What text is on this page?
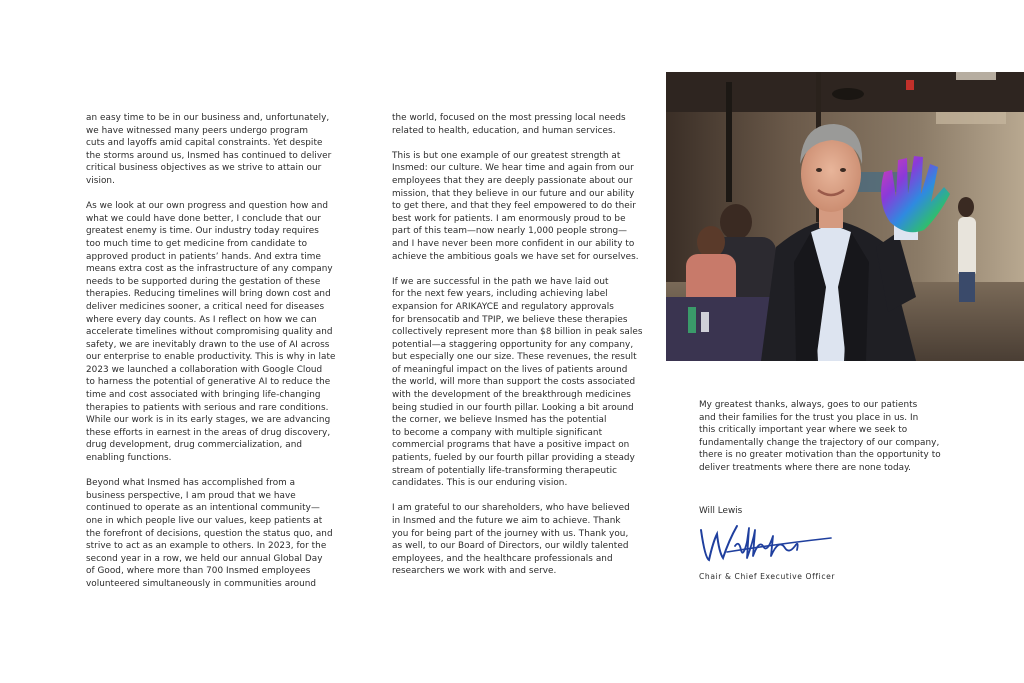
an easy time to be in our business and, unfortunately,
we have witnessed many peers undergo program
cuts and layoffs amid capital constraints. Yet despite
the storms around us, Insmed has continued to deliver
critical business objectives as we strive to attain our
vision.

As we look at our own progress and question how and
what we could have done better, I conclude that our
greatest enemy is time. Our industry today requires
too much time to get medicine from candidate to
approved product in patients’ hands. And extra time
means extra cost as the infrastructure of any company
needs to be supported during the gestation of these
therapies. Reducing timelines will bring down cost and
deliver medicines sooner, a critical need for diseases
where every day counts. As I reflect on how we can
accelerate timelines without compromising quality and
safety, we are inevitably drawn to the use of AI across
our enterprise to enable productivity. This is why in late
2023 we launched a collaboration with Google Cloud
to harness the potential of generative AI to reduce the
time and cost associated with bringing life-changing
therapies to patients with serious and rare conditions.
While our work is in its early stages, we are advancing
these efforts in earnest in the areas of drug discovery,
drug development, drug commercialization, and
enabling functions.

Beyond what Insmed has accomplished from a
business perspective, I am proud that we have
continued to operate as an intentional community—
one in which people live our values, keep patients at
the forefront of decisions, question the status quo, and
strive to act as an example to others. In 2023, for the
second year in a row, we held our annual Global Day
of Good, where more than 700 Insmed employees
volunteered simultaneously in communities around

the world, focused on the most pressing local needs
related to health, education, and human services.

This is but one example of our greatest strength at
Insmed: our culture. We hear time and again from our
employees that they are deeply passionate about our
mission, that they believe in our future and our ability
to get there, and that they feel empowered to do their
best work for patients. I am enormously proud to be
part of this team—now nearly 1,000 people strong—
and I have never been more confident in our ability to
achieve the ambitious goals we have set for ourselves.

If we are successful in the path we have laid out
for the next few years, including achieving label
expansion for ARIKAYCE and regulatory approvals
for brensocatib and TPIP, we believe these therapies
collectively represent more than $8 billion in peak sales
potential—a staggering opportunity for any company,
but especially one our size. These revenues, the result
of meaningful impact on the lives of patients around
the world, will more than support the costs associated
with the development of the breakthrough medicines
being studied in our fourth pillar. Looking a bit around
the corner, we believe Insmed has the potential
to become a company with multiple significant
commercial programs that have a positive impact on
patients, fueled by our fourth pillar providing a steady
stream of potentially life-transforming therapeutic
candidates. This is our enduring vision.

I am grateful to our shareholders, who have believed
in Insmed and the future we aim to achieve. Thank
you for being part of the journey with us. Thank you,
as well, to our Board of Directors, our wildly talented
employees, and the healthcare professionals and
researchers we work with and serve.

My greatest thanks, always, goes to our patients
and their families for the trust you place in us. In
this critically important year where we seek to
fundamentally change the trajectory of our company,
there is no greater motivation than the opportunity to
deliver treatments where there are none today.

Will Lewis
Chair & Chief Executive Officer
